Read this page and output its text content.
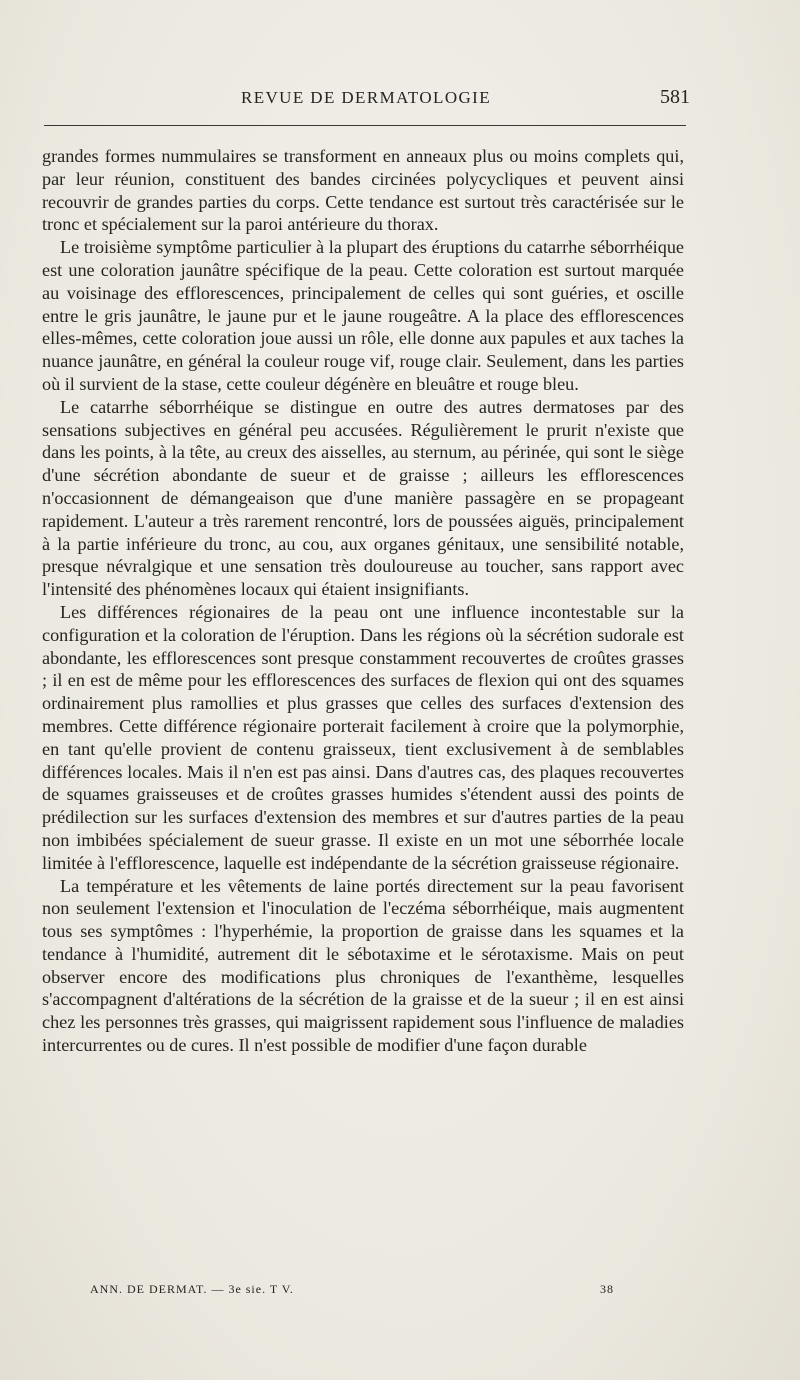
REVUE DE DERMATOLOGIE	581

grandes formes nummulaires se transforment en anneaux plus ou moins complets qui, par leur réunion, constituent des bandes circinées polycycliques et peuvent ainsi recouvrir de grandes parties du corps. Cette tendance est surtout très caractérisée sur le tronc et spécialement sur la paroi antérieure du thorax.

Le troisième symptôme particulier à la plupart des éruptions du catarrhe séborrhéique est une coloration jaunâtre spécifique de la peau. Cette coloration est surtout marquée au voisinage des efflorescences, principalement de celles qui sont guéries, et oscille entre le gris jaunâtre, le jaune pur et le jaune rougeâtre. A la place des efflorescences elles-mêmes, cette coloration joue aussi un rôle, elle donne aux papules et aux taches la nuance jaunâtre, en général la couleur rouge vif, rouge clair. Seulement, dans les parties où il survient de la stase, cette couleur dégénère en bleuâtre et rouge bleu.

Le catarrhe séborrhéique se distingue en outre des autres dermatoses par des sensations subjectives en général peu accusées. Régulièrement le prurit n'existe que dans les points, à la tête, au creux des aisselles, au sternum, au périnée, qui sont le siège d'une sécrétion abondante de sueur et de graisse ; ailleurs les efflorescences n'occasionnent de démangeaison que d'une manière passagère en se propageant rapidement. L'auteur a très rarement rencontré, lors de poussées aiguës, principalement à la partie inférieure du tronc, au cou, aux organes génitaux, une sensibilité notable, presque névralgique et une sensation très douloureuse au toucher, sans rapport avec l'intensité des phénomènes locaux qui étaient insignifiants.

Les différences régionaires de la peau ont une influence incontestable sur la configuration et la coloration de l'éruption. Dans les régions où la sécrétion sudorale est abondante, les efflorescences sont presque constamment recouvertes de croûtes grasses ; il en est de même pour les efflorescences des surfaces de flexion qui ont des squames ordinairement plus ramollies et plus grasses que celles des surfaces d'extension des membres. Cette différence régionaire porterait facilement à croire que la polymorphie, en tant qu'elle provient de contenu graisseux, tient exclusivement à de semblables différences locales. Mais il n'en est pas ainsi. Dans d'autres cas, des plaques recouvertes de squames graisseuses et de croûtes grasses humides s'étendent aussi des points de prédilection sur les surfaces d'extension des membres et sur d'autres parties de la peau non imbibées spécialement de sueur grasse. Il existe en un mot une séborrhée locale limitée à l'efflorescence, laquelle est indépendante de la sécrétion graisseuse régionaire.

La température et les vêtements de laine portés directement sur la peau favorisent non seulement l'extension et l'inoculation de l'eczéma séborrhéique, mais augmentent tous ses symptômes : l'hyperhémie, la proportion de graisse dans les squames et la tendance à l'humidité, autrement dit le sébotaxime et le sérotaxisme. Mais on peut observer encore des modifications plus chroniques de l'exanthème, lesquelles s'accompagnent d'altérations de la sécrétion de la graisse et de la sueur ; il en est ainsi chez les personnes très grasses, qui maigrissent rapidement sous l'influence de maladies intercurrentes ou de cures. Il n'est possible de modifier d'une façon durable

ANN. DE DERMAT. — 3e sie. T V.	38
